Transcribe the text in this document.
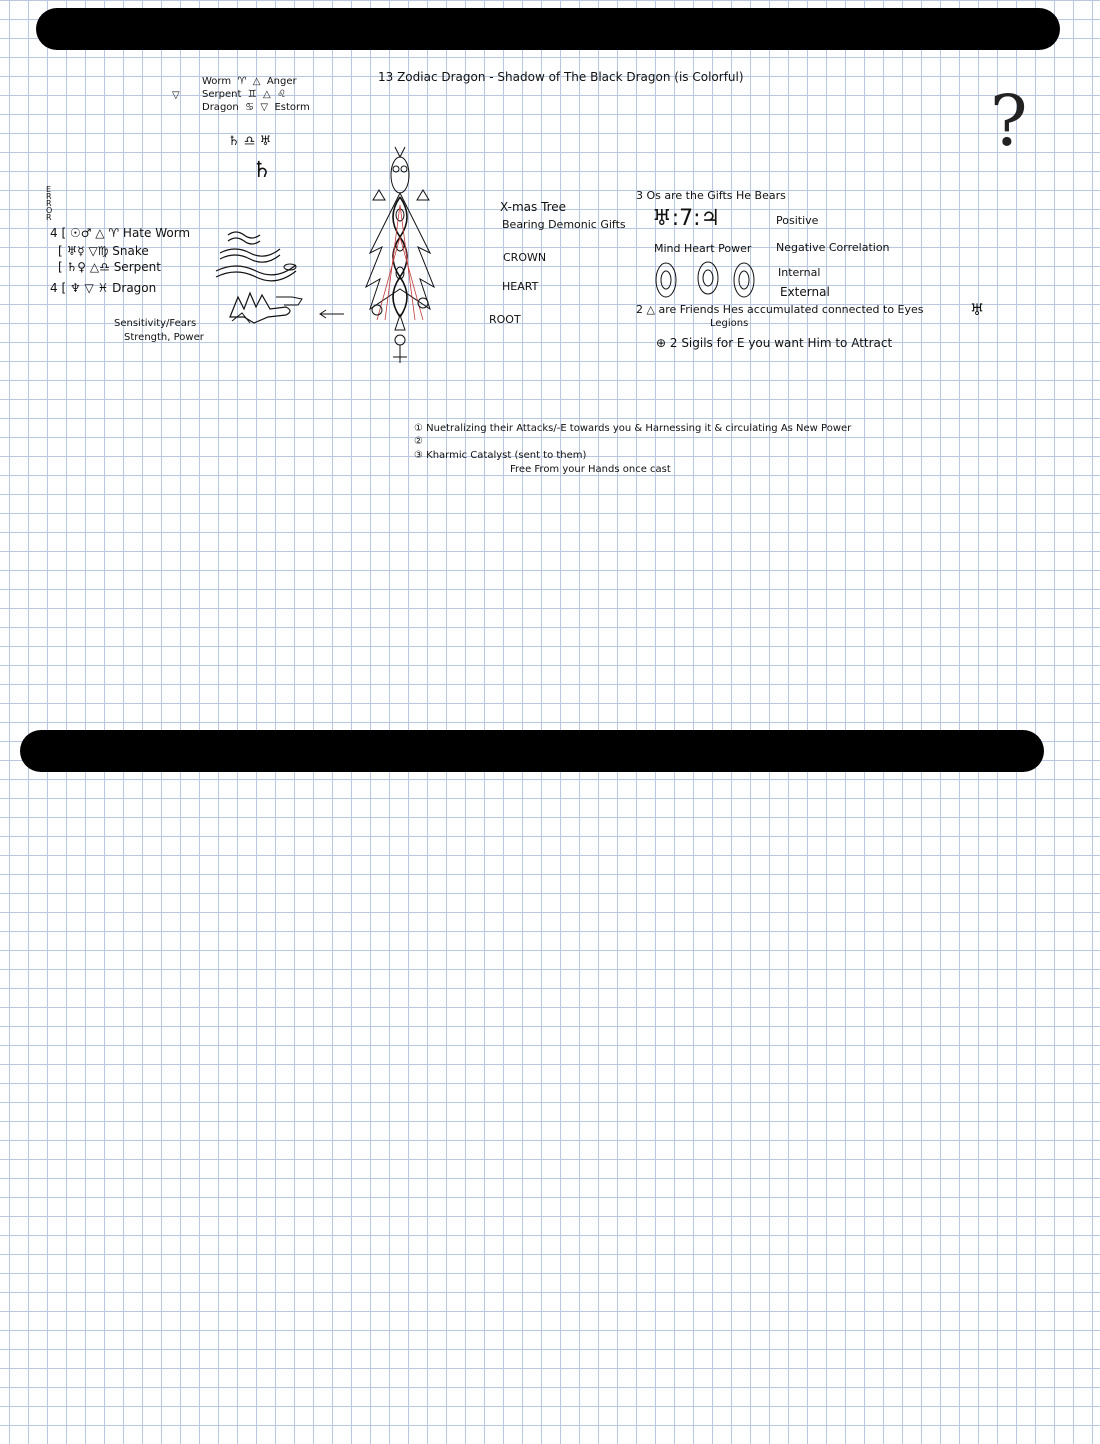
13 Zodiac Dragon - Shadow of The Black Dragon (is Colorful)
▽
Worm  ♈  △  Anger
Serpent  ♊  △  ♌
Dragon  ♋  ▽  Estorm
♄ ♎ ♅
♄
ERROR
4 [ ☉♂ △ ♈ Hate Worm
[ ♅☿ ▽♍ Snake
[ ♄♀ △♎ Serpent
4 [ ♆ ▽ ♓ Dragon
Sensitivity/Fears
Strength, Power
X-mas Tree
Bearing Demonic Gifts
CROWN
HEART
ROOT
3 Os are the Gifts He Bears
♅:7:♃	Positive
Mind Heart Power Negative Correlation
Internal
External
2 △ are Friends Hes accumulated connected to Eyes	♅
Legions
⊕ 2 Sigils for E you want Him to Attract
?
① Nuetralizing their Attacks/-E towards you & Harnessing it & circulating As New Power
②
③ Kharmic Catalyst (sent to them)
Free From your Hands once cast
